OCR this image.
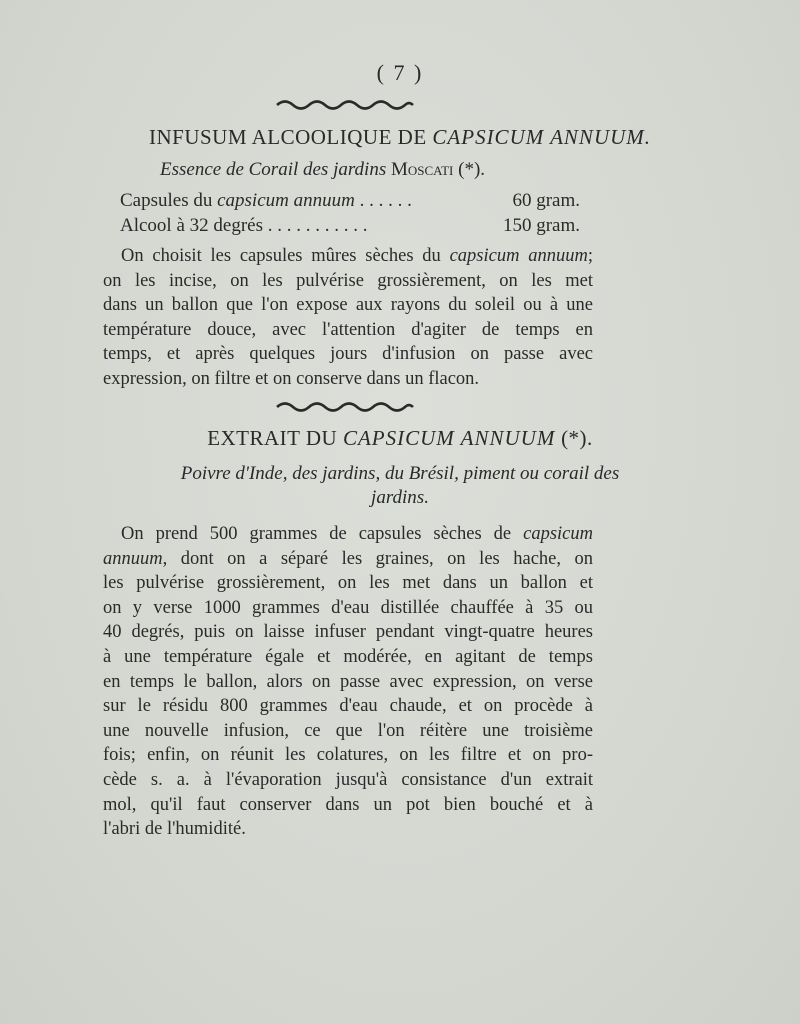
( 7 )
INFUSUM ALCOOLIQUE DE CAPSICUM ANNUUM.
Essence de Corail des jardins Moscati (*).
Capsules du capsicum annuum . . . . . .	60 gram.
Alcool à 32 degrés . . . . . . . . . . .	150 gram.
On choisit les capsules mûres sèches du capsicum annuum;
on les incise, on les pulvérise grossièrement, on les met
dans un ballon que l'on expose aux rayons du soleil ou à une
température douce, avec l'attention d'agiter de temps en
temps, et après quelques jours d'infusion on passe avec
expression, on filtre et on conserve dans un flacon.
EXTRAIT DU CAPSICUM ANNUUM (*).
Poivre d'Inde, des jardins, du Brésil, piment ou corail des
jardins.
On prend 500 grammes de capsules sèches de capsicum
annuum, dont on a séparé les graines, on les hache, on
les pulvérise grossièrement, on les met dans un ballon et
on y verse 1000 grammes d'eau distillée chauffée à 35 ou
40 degrés, puis on laisse infuser pendant vingt-quatre heures
à une température égale et modérée, en agitant de temps
en temps le ballon, alors on passe avec expression, on verse
sur le résidu 800 grammes d'eau chaude, et on procède à
une nouvelle infusion, ce que l'on réitère une troisième
fois; enfin, on réunit les colatures, on les filtre et on pro-
cède s. a. à l'évaporation jusqu'à consistance d'un extrait
mol, qu'il faut conserver dans un pot bien bouché et à
l'abri de l'humidité.
